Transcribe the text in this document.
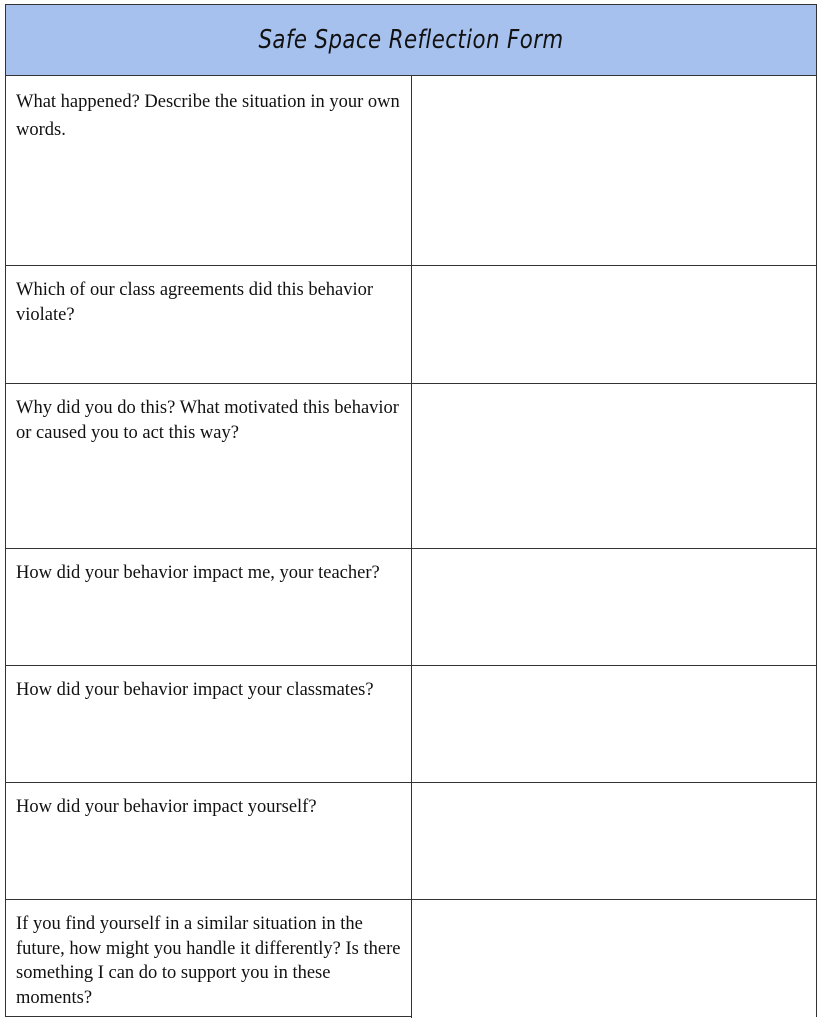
Safe Space Reflection Form
What happened? Describe the situation in your own words.
Which of our class agreements did this behavior violate?
Why did you do this? What motivated this behavior or caused you to act this way?
How did your behavior impact me, your teacher?
How did your behavior impact your classmates?
How did your behavior impact yourself?
If you find yourself in a similar situation in the future, how might you handle it differently? Is there something I can do to support you in these moments?
